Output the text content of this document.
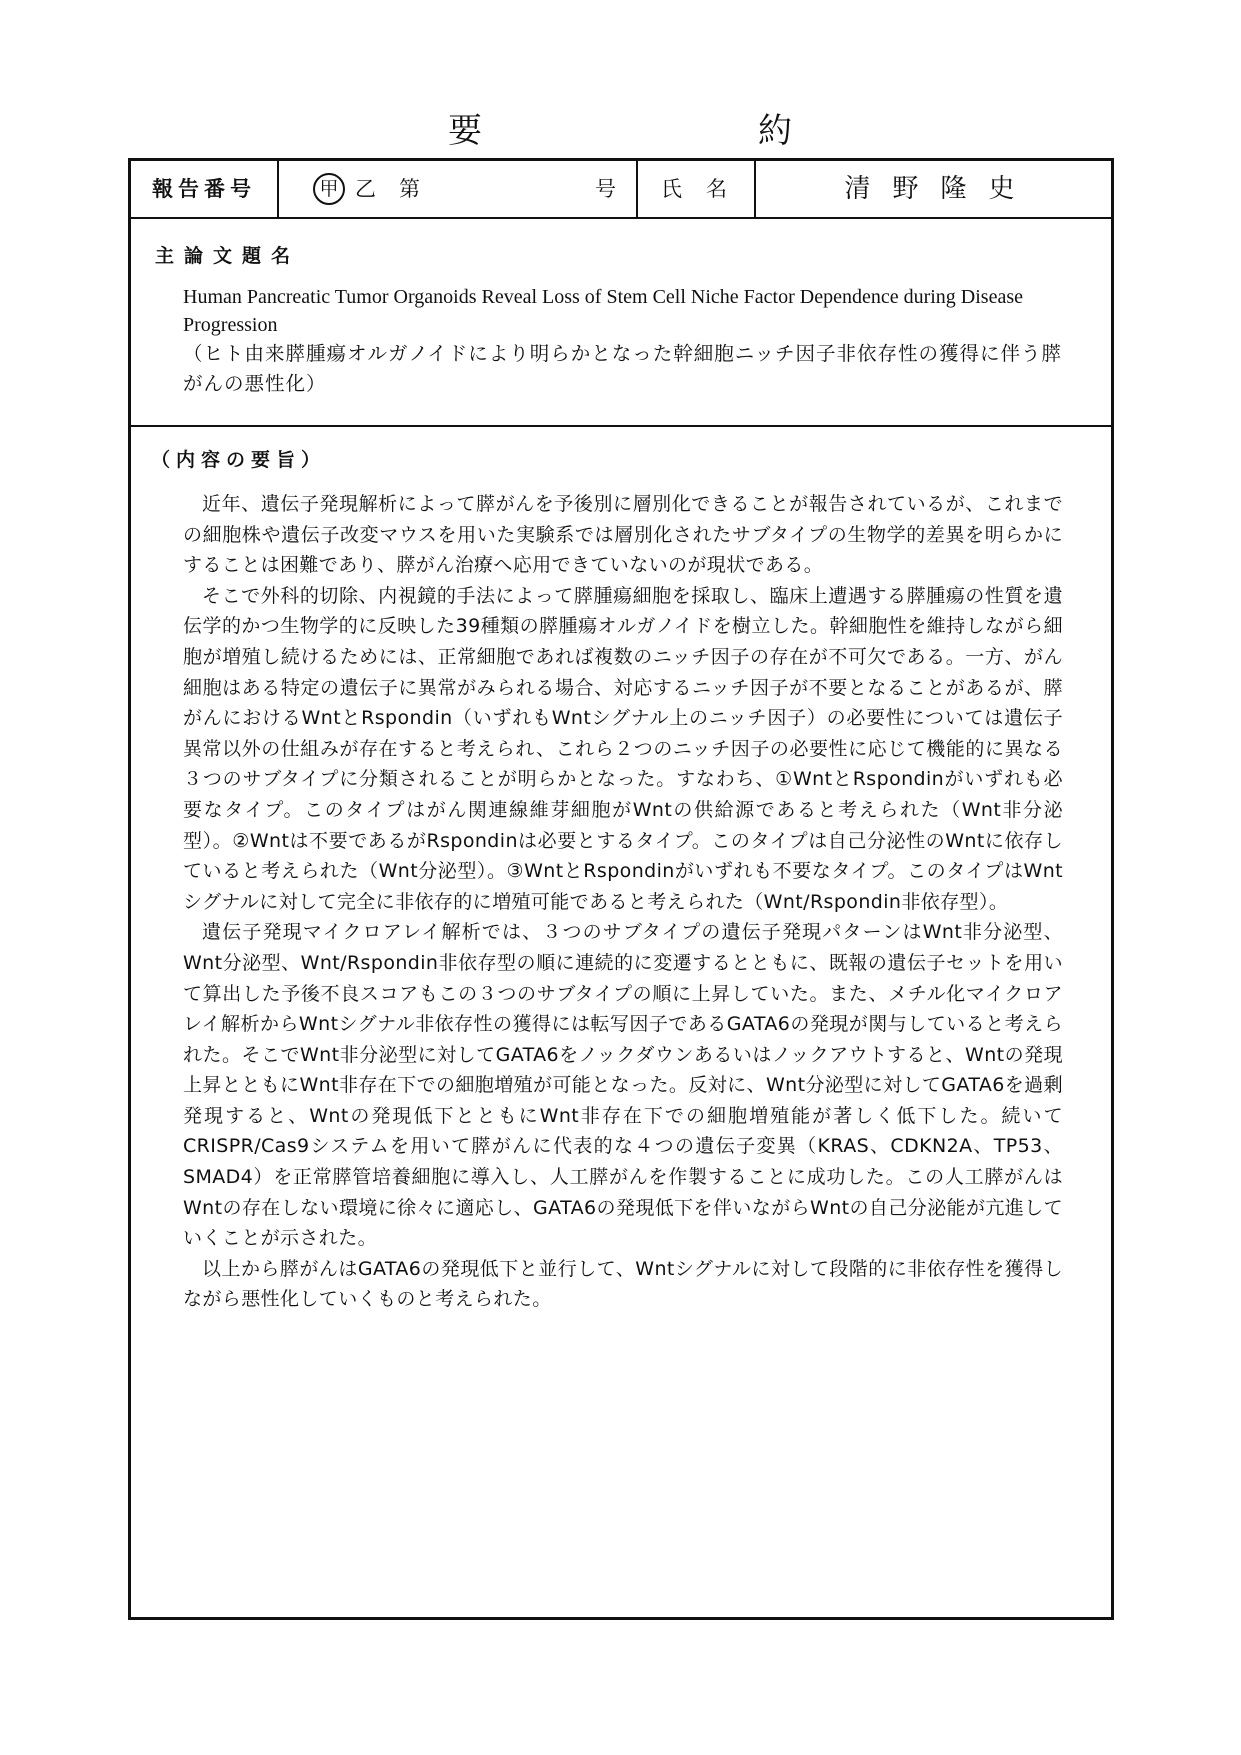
要	約
報告番号	甲 乙 第	号	氏名	清野隆史
主論文題名
Human Pancreatic Tumor Organoids Reveal Loss of Stem Cell Niche Factor Dependence during Disease Progression
（ヒト由来膵腫瘍オルガノイドにより明らかとなった幹細胞ニッチ因子非依存性の獲得に伴う膵がんの悪性化）
（内容の要旨）

近年、遺伝子発現解析によって膵がんを予後別に層別化できることが報告されているが、これまでの細胞株や遺伝子改変マウスを用いた実験系では層別化されたサブタイプの生物学的差異を明らかにすることは困難であり、膵がん治療へ応用できていないのが現状である。

そこで外科的切除、内視鏡的手法によって膵腫瘍細胞を採取し、臨床上遭遇する膵腫瘍の性質を遺伝学的かつ生物学的に反映した39種類の膵腫瘍オルガノイドを樹立した。幹細胞性を維持しながら細胞が増殖し続けるためには、正常細胞であれば複数のニッチ因子の存在が不可欠である。一方、がん細胞はある特定の遺伝子に異常がみられる場合、対応するニッチ因子が不要となることがあるが、膵がんにおけるWntとRspondin（いずれもWntシグナル上のニッチ因子）の必要性については遺伝子異常以外の仕組みが存在すると考えられ、これら２つのニッチ因子の必要性に応じて機能的に異なる３つのサブタイプに分類されることが明らかとなった。すなわち、①WntとRspondinがいずれも必要なタイプ。このタイプはがん関連線維芽細胞がWntの供給源であると考えられた（Wnt非分泌型）。②Wntは不要であるがRspondinは必要とするタイプ。このタイプは自己分泌性のWntに依存していると考えられた（Wnt分泌型）。③WntとRspondinがいずれも不要なタイプ。このタイプはWntシグナルに対して完全に非依存的に増殖可能であると考えられた（Wnt/Rspondin非依存型）。

遺伝子発現マイクロアレイ解析では、３つのサブタイプの遺伝子発現パターンはWnt非分泌型、Wnt分泌型、Wnt/Rspondin非依存型の順に連続的に変遷するとともに、既報の遺伝子セットを用いて算出した予後不良スコアもこの３つのサブタイプの順に上昇していた。また、メチル化マイクロアレイ解析からWntシグナル非依存性の獲得には転写因子であるGATA6の発現が関与していると考えられた。そこでWnt非分泌型に対してGATA6をノックダウンあるいはノックアウトすると、Wntの発現上昇とともにWnt非存在下での細胞増殖が可能となった。反対に、Wnt分泌型に対してGATA6を過剰発現すると、Wntの発現低下とともにWnt非存在下での細胞増殖能が著しく低下した。続いてCRISPR/Cas9システムを用いて膵がんに代表的な４つの遺伝子変異（KRAS、CDKN2A、TP53、SMAD4）を正常膵管培養細胞に導入し、人工膵がんを作製することに成功した。この人工膵がんはWntの存在しない環境に徐々に適応し、GATA6の発現低下を伴いながらWntの自己分泌能が亢進していくことが示された。

以上から膵がんはGATA6の発現低下と並行して、Wntシグナルに対して段階的に非依存性を獲得しながら悪性化していくものと考えられた。
